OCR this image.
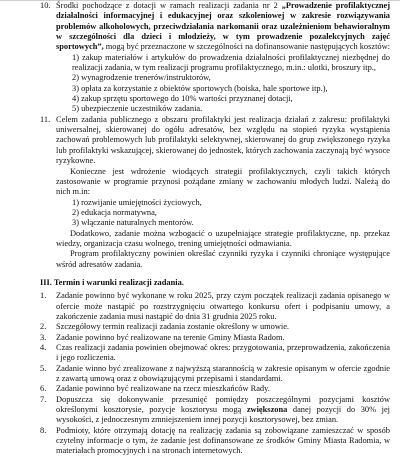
10. Środki pochodzące z dotacji w ramach realizacji zadania nr 2 „Prowadzenie profilaktycznej działalności informacyjnej i edukacyjnej oraz szkoleniowej w zakresie rozwiązywania problemów alkoholowych, przeciwdziałania narkomanii oraz uzależnieniom behawioralnym w szczególności dla dzieci i młodzieży, w tym prowadzenie pozalekcyjnych zajęć sportowych”, mogą być przeznaczone w szczególności na dofinansowanie następujących kosztów:

1) zakup materiałów i artykułów do prowadzenia działalności profilaktycznej niezbędnej do realizacji zadania, w tym realizacji programu profilaktycznego, m.in.: ulotki, broszury itp.,

2) wynagrodzenie trenerów/instruktorów,

3) opłata za korzystanie z obiektów sportowych (boiska, hale sportowe itp.),

4) zakup sprzętu sportowego do 10% wartości przyznanej dotacji,

5) ubezpieczenie uczestników zadania.

11. Celem zadania publicznego z obszaru profilaktyki jest realizacja działań z zakresu: profilaktyki uniwersalnej, skierowanej do ogółu adresatów, bez względu na stopień ryzyka wystąpienia zachowań problemowych lub profilaktyki selektywnej, skierowanej do grup zwiększonego ryzyka lub profilaktyki wskazującej, skierowanej do jednostek, których zachowania zaczynają być wysoce ryzykowne.

Konieczne jest wdrożenie wiodących strategii profilaktycznych, czyli takich których zastosowanie w programie przynosi pożądane zmiany w zachowaniu młodych ludzi. Należą do nich m.in:

1) rozwijanie umiejętności życiowych,

2) edukacja normatywna,

3) włączanie naturalnych mentorów.

Dodatkowo, zadanie można wzbogacić o uzupełniające strategie profilaktyczne, np. przekaz wiedzy, organizacja czasu wolnego, trening umiejętności odmawiania.

Program profilaktyczny powinien określać czynniki ryzyka i czynniki chroniące występujące wśród adresatów zadania.

III. Termin i warunki realizacji zadania.

1. Zadanie powinno być wykonane w roku 2025, przy czym początek realizacji zadania opisanego w ofercie może nastąpić po rozstrzygnięciu otwartego konkursu ofert i podpisaniu umowy, a zakończenie zadania musi nastąpić do dnia 31 grudnia 2025 roku.

2. Szczegółowy termin realizacji zadania zostanie określony w umowie.

3. Zadanie powinno być realizowane na terenie Gminy Miasta Radom.

4. Czas realizacji zadania powinien obejmować okres: przygotowania, przeprowadzenia, zakończenia i jego rozliczenia.

5. Zadanie winno być zrealizowane z najwyższą starannością w zakresie opisanym w ofercie zgodnie z zawartą umową oraz z obowiązującymi przepisami i standardami.

6. Zadanie powinno być realizowane na rzecz mieszkańców Rady.

7. Dopuszcza się dokonywanie przesunięć pomiędzy poszczególnymi pozycjami kosztów określonymi kosztorysie, pozycje kosztorysu mogą zwiększona danej pozycji do 30% jej wysokości, z jednoczesnym zmniejszeniem innej pozycji kosztorysowej, bez zmian.

8. Podmioty, które otrzymają dotację na realizację zadania są zobowiązane zamieszczać w sposób czytelny informacje o tym, że zadanie jest dofinansowane ze środków Gminy Miasta Radomia, w materiałach promocyjnych i na stronach internetowych.
